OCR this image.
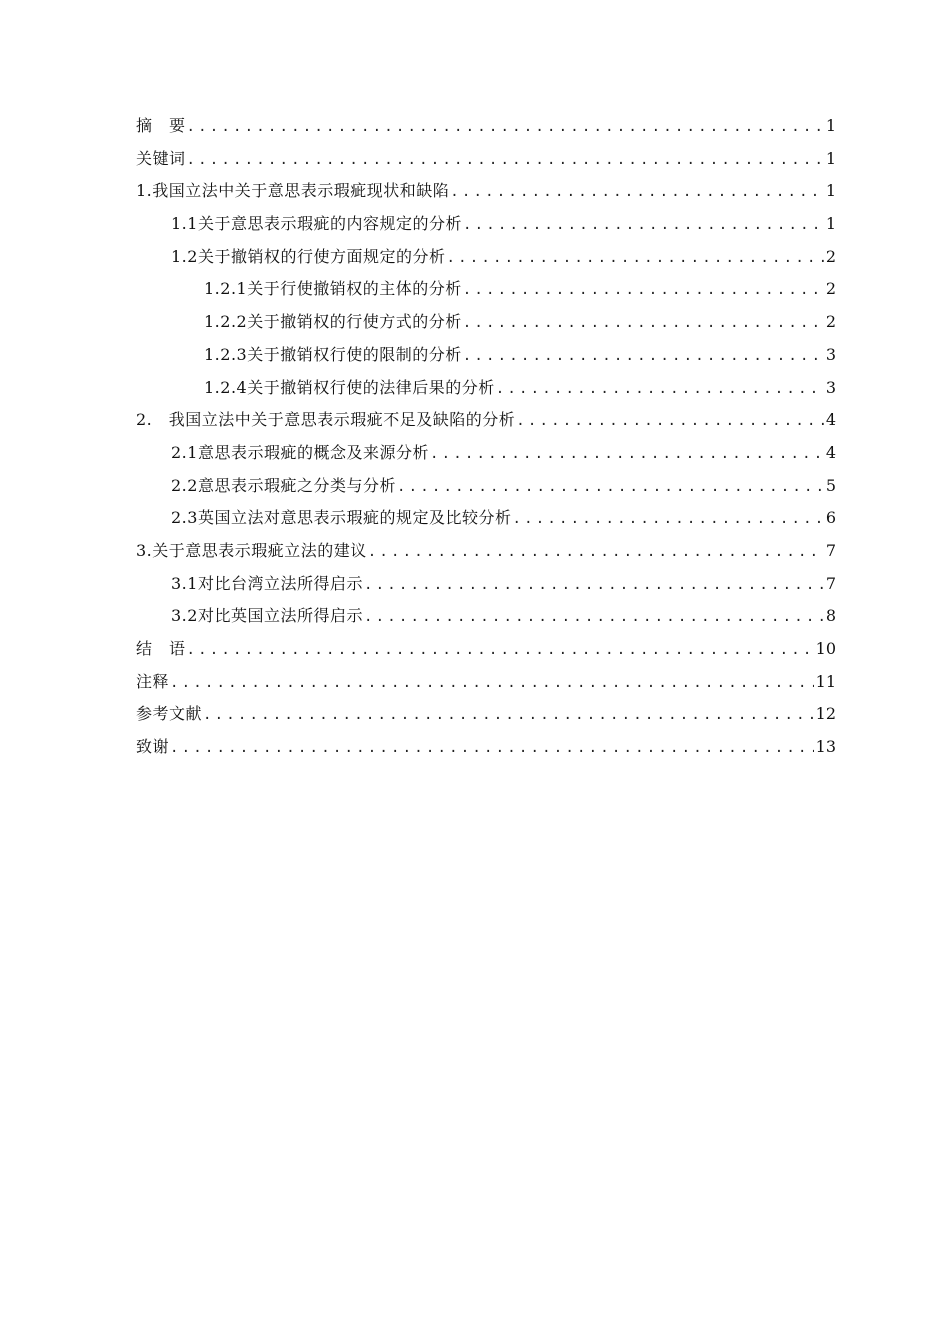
摘　要 .....	1
关键词 .....	1
1.我国立法中关于意思表示瑕疵现状和缺陷 .....	1
1.1关于意思表示瑕疵的内容规定的分析 .....	1
1.2关于撤销权的行使方面规定的分析 .....	2
1.2.1关于行使撤销权的主体的分析 .....	2
1.2.2关于撤销权的行使方式的分析 .....	2
1.2.3关于撤销权行使的限制的分析 .....	3
1.2.4关于撤销权行使的法律后果的分析 .....	3
2.　我国立法中关于意思表示瑕疵不足及缺陷的分析 .....	4
2.1意思表示瑕疵的概念及来源分析 .....	4
2.2意思表示瑕疵之分类与分析 .....	5
2.3英国立法对意思表示瑕疵的规定及比较分析 .....	6
3.关于意思表示瑕疵立法的建议 .....	7
3.1对比台湾立法所得启示 .....	7
3.2对比英国立法所得启示 .....	8
结　语 .....	10
注释 .....	11
参考文献 .....	12
致谢 .....	13
